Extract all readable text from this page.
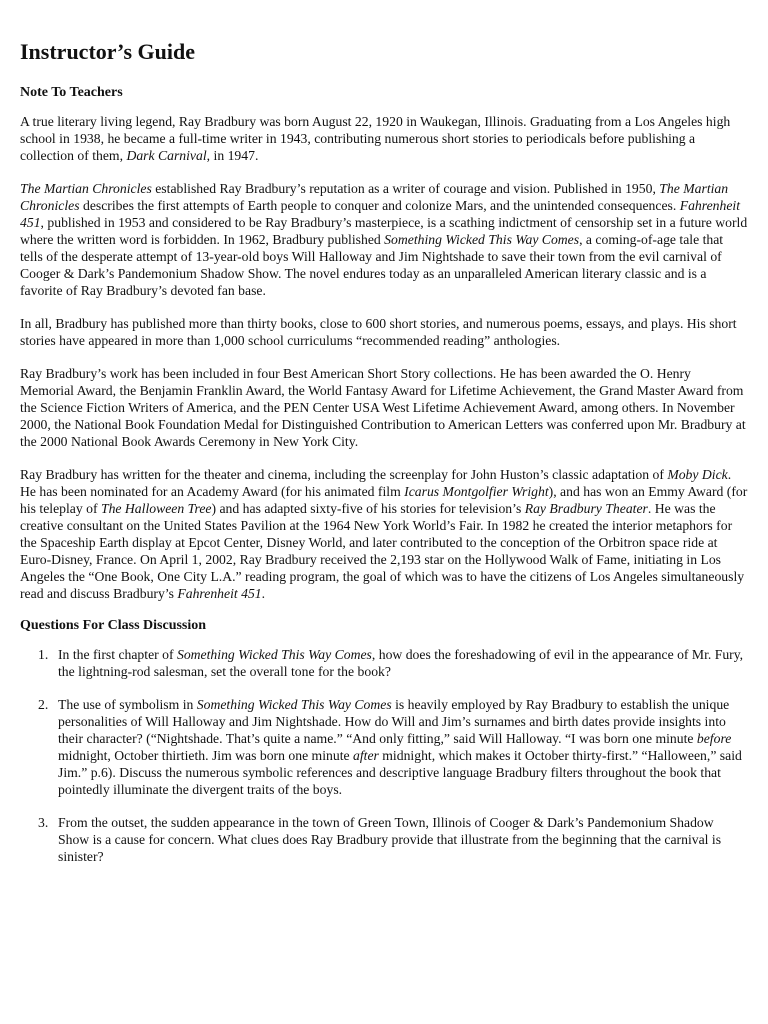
Instructor’s Guide
Note To Teachers

A true literary living legend, Ray Bradbury was born August 22, 1920 in Waukegan, Illinois. Graduating from a Los Angeles high school in 1938, he became a full-time writer in 1943, contributing numerous short stories to periodicals before publishing a collection of them, Dark Carnival, in 1947.

The Martian Chronicles established Ray Bradbury’s reputation as a writer of courage and vision. Published in 1950, The Martian Chronicles describes the first attempts of Earth people to conquer and colonize Mars, and the unintended consequences. Fahrenheit 451, published in 1953 and considered to be Ray Bradbury’s masterpiece, is a scathing indictment of censorship set in a future world where the written word is forbidden. In 1962, Bradbury published Something Wicked This Way Comes, a coming-of-age tale that tells of the desperate attempt of 13-year-old boys Will Halloway and Jim Nightshade to save their town from the evil carnival of Cooger & Dark’s Pandemonium Shadow Show. The novel endures today as an unparalleled American literary classic and is a favorite of Ray Bradbury’s devoted fan base.

In all, Bradbury has published more than thirty books, close to 600 short stories, and numerous poems, essays, and plays. His short stories have appeared in more than 1,000 school curriculums “recommended reading” anthologies.

Ray Bradbury’s work has been included in four Best American Short Story collections. He has been awarded the O. Henry Memorial Award, the Benjamin Franklin Award, the World Fantasy Award for Lifetime Achievement, the Grand Master Award from the Science Fiction Writers of America, and the PEN Center USA West Lifetime Achievement Award, among others. In November 2000, the National Book Foundation Medal for Distinguished Contribution to American Letters was conferred upon Mr. Bradbury at the 2000 National Book Awards Ceremony in New York City.

Ray Bradbury has written for the theater and cinema, including the screenplay for John Huston’s classic adaptation of Moby Dick. He has been nominated for an Academy Award (for his animated film Icarus Montgolfier Wright), and has won an Emmy Award (for his teleplay of The Halloween Tree) and has adapted sixty-five of his stories for television’s Ray Bradbury Theater. He was the creative consultant on the United States Pavilion at the 1964 New York World’s Fair. In 1982 he created the interior metaphors for the Spaceship Earth display at Epcot Center, Disney World, and later contributed to the conception of the Orbitron space ride at Euro-Disney, France. On April 1, 2002, Ray Bradbury received the 2,193 star on the Hollywood Walk of Fame, initiating in Los Angeles the “One Book, One City L.A.” reading program, the goal of which was to have the citizens of Los Angeles simultaneously read and discuss Bradbury’s Fahrenheit 451.

Questions For Class Discussion
1. In the first chapter of Something Wicked This Way Comes, how does the foreshadowing of evil in the appearance of Mr. Fury, the lightning-rod salesman, set the overall tone for the book?
2. The use of symbolism in Something Wicked This Way Comes is heavily employed by Ray Bradbury to establish the unique personalities of Will Halloway and Jim Nightshade. How do Will and Jim’s surnames and birth dates provide insights into their character? (“Nightshade. That’s quite a name.” “And only fitting,” said Will Halloway. “I was born one minute before midnight, October thirtieth. Jim was born one minute after midnight, which makes it October thirty-first.” “Halloween,” said Jim.” p.6). Discuss the numerous symbolic references and descriptive language Bradbury filters throughout the book that pointedly illuminate the divergent traits of the boys.
3. From the outset, the sudden appearance in the town of Green Town, Illinois of Cooger & Dark’s Pandemonium Shadow Show is a cause for concern. What clues does Ray Bradbury provide that illustrate from the beginning that the carnival is sinister?
